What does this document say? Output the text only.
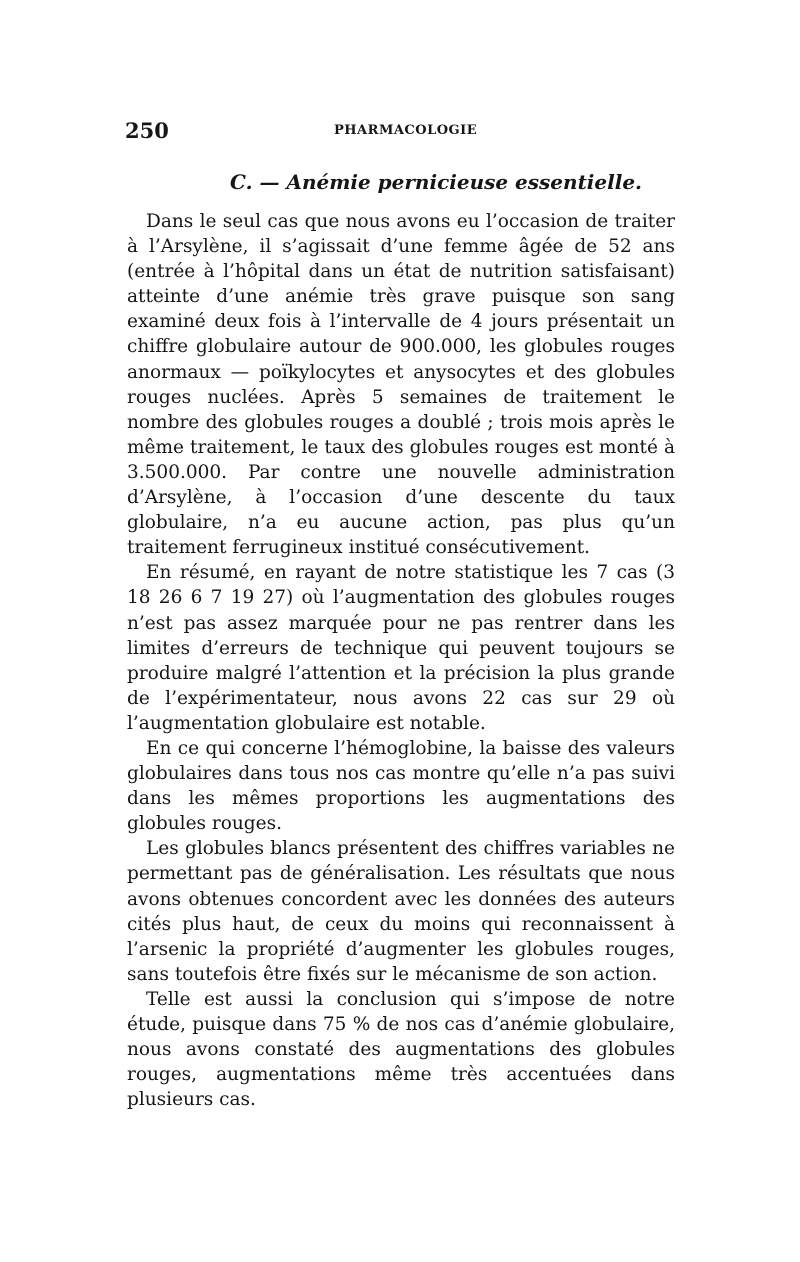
250	PHARMACOLOGIE
C. — Anémie pernicieuse essentielle.

Dans le seul cas que nous avons eu l’occasion de traiter à l’Arsylène, il s’agissait d’une femme âgée de 52 ans (entrée à l’hôpital dans un état de nutrition satisfaisant) atteinte d’une anémie très grave puisque son sang examiné deux fois à l’intervalle de 4 jours présentait un chiffre globulaire autour de 900.000, les globules rouges anormaux — poïkylocytes et anysocytes et des globules rouges nuclées. Après 5 semaines de traitement le nombre des globules rouges a doublé ; trois mois après le même traitement, le taux des globules rouges est monté à 3.500.000. Par contre une nouvelle administration d’Arsylène, à l’occasion d’une descente du taux globulaire, n’a eu aucune action, pas plus qu’un traitement ferrugineux institué consécutivement.

En résumé, en rayant de notre statistique les 7 cas (3 18 26 6 7 19 27) où l’augmentation des globules rouges n’est pas assez marquée pour ne pas rentrer dans les limites d’erreurs de technique qui peuvent toujours se produire malgré l’attention et la précision la plus grande de l’expérimentateur, nous avons 22 cas sur 29 où l’augmentation globulaire est notable.

En ce qui concerne l’hémoglobine, la baisse des valeurs globulaires dans tous nos cas montre qu’elle n’a pas suivi dans les mêmes proportions les augmentations des globules rouges.

Les globules blancs présentent des chiffres variables ne permettant pas de généralisation. Les résultats que nous avons obtenues concordent avec les données des auteurs cités plus haut, de ceux du moins qui reconnaissent à l’arsenic la propriété d’augmenter les globules rouges, sans toutefois être fixés sur le mécanisme de son action.

Telle est aussi la conclusion qui s’impose de notre étude, puisque dans 75 % de nos cas d’anémie globulaire, nous avons constaté des augmentations des globules rouges, augmentations même très accentuées dans plusieurs cas.
